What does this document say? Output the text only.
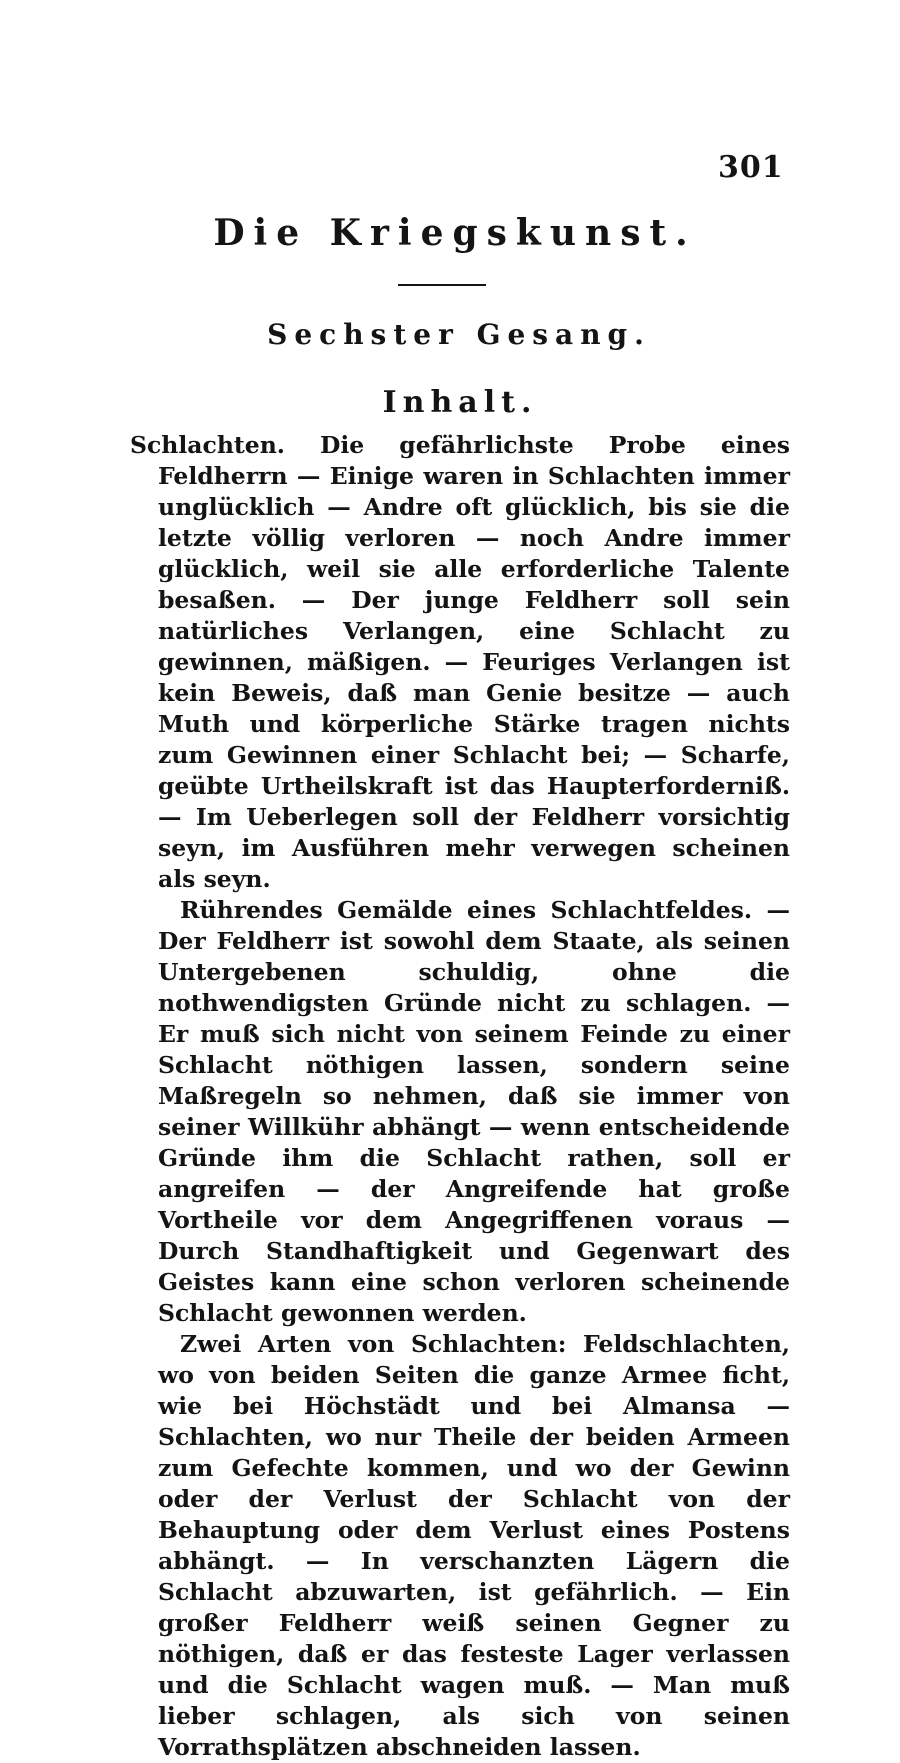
301

Die Kriegskunst.
Sechster Gesang.
Inhalt.

Schlachten. Die gefährlichste Probe eines Feldherrn — Einige waren in Schlachten immer unglücklich — Andre oft glücklich, bis sie die letzte völlig verloren — noch Andre immer glücklich, weil sie alle erforderliche Talente besaßen. — Der junge Feldherr soll sein natürliches Verlangen, eine Schlacht zu gewinnen, mäßigen. — Feuriges Verlangen ist kein Beweis, daß man Genie besitze — auch Muth und körperliche Stärke tragen nichts zum Gewinnen einer Schlacht bei; — Scharfe, geübte Urtheilskraft ist das Haupterforderniß. — Im Ueberlegen soll der Feldherr vorsichtig seyn, im Ausführen mehr verwegen scheinen als seyn.

Rührendes Gemälde eines Schlachtfeldes. — Der Feldherr ist sowohl dem Staate, als seinen Untergebenen schuldig, ohne die nothwendigsten Gründe nicht zu schlagen. — Er muß sich nicht von seinem Feinde zu einer Schlacht nöthigen lassen, sondern seine Maßregeln so nehmen, daß sie immer von seiner Willkühr abhängt — wenn entscheidende Gründe ihm die Schlacht rathen, soll er angreifen — der Angreifende hat große Vortheile vor dem Angegriffenen voraus — Durch Standhaftigkeit und Gegenwart des Geistes kann eine schon verloren scheinende Schlacht gewonnen werden.

Zwei Arten von Schlachten: Feldschlachten, wo von beiden Seiten die ganze Armee ficht, wie bei Höchstädt und bei Almansa — Schlachten, wo nur Theile der beiden Armeen zum Gefechte kommen, und wo der Gewinn oder der Verlust der Schlacht von der Behauptung oder dem Verlust eines Postens abhängt. — In verschanzten Lägern die Schlacht abzuwarten, ist gefährlich. — Ein großer Feldherr weiß seinen Gegner zu nöthigen, daß er das festeste Lager verlassen und die Schlacht wagen muß. — Man muß lieber schlagen, als sich von seinen Vorrathsplätzen abschneiden lassen.
